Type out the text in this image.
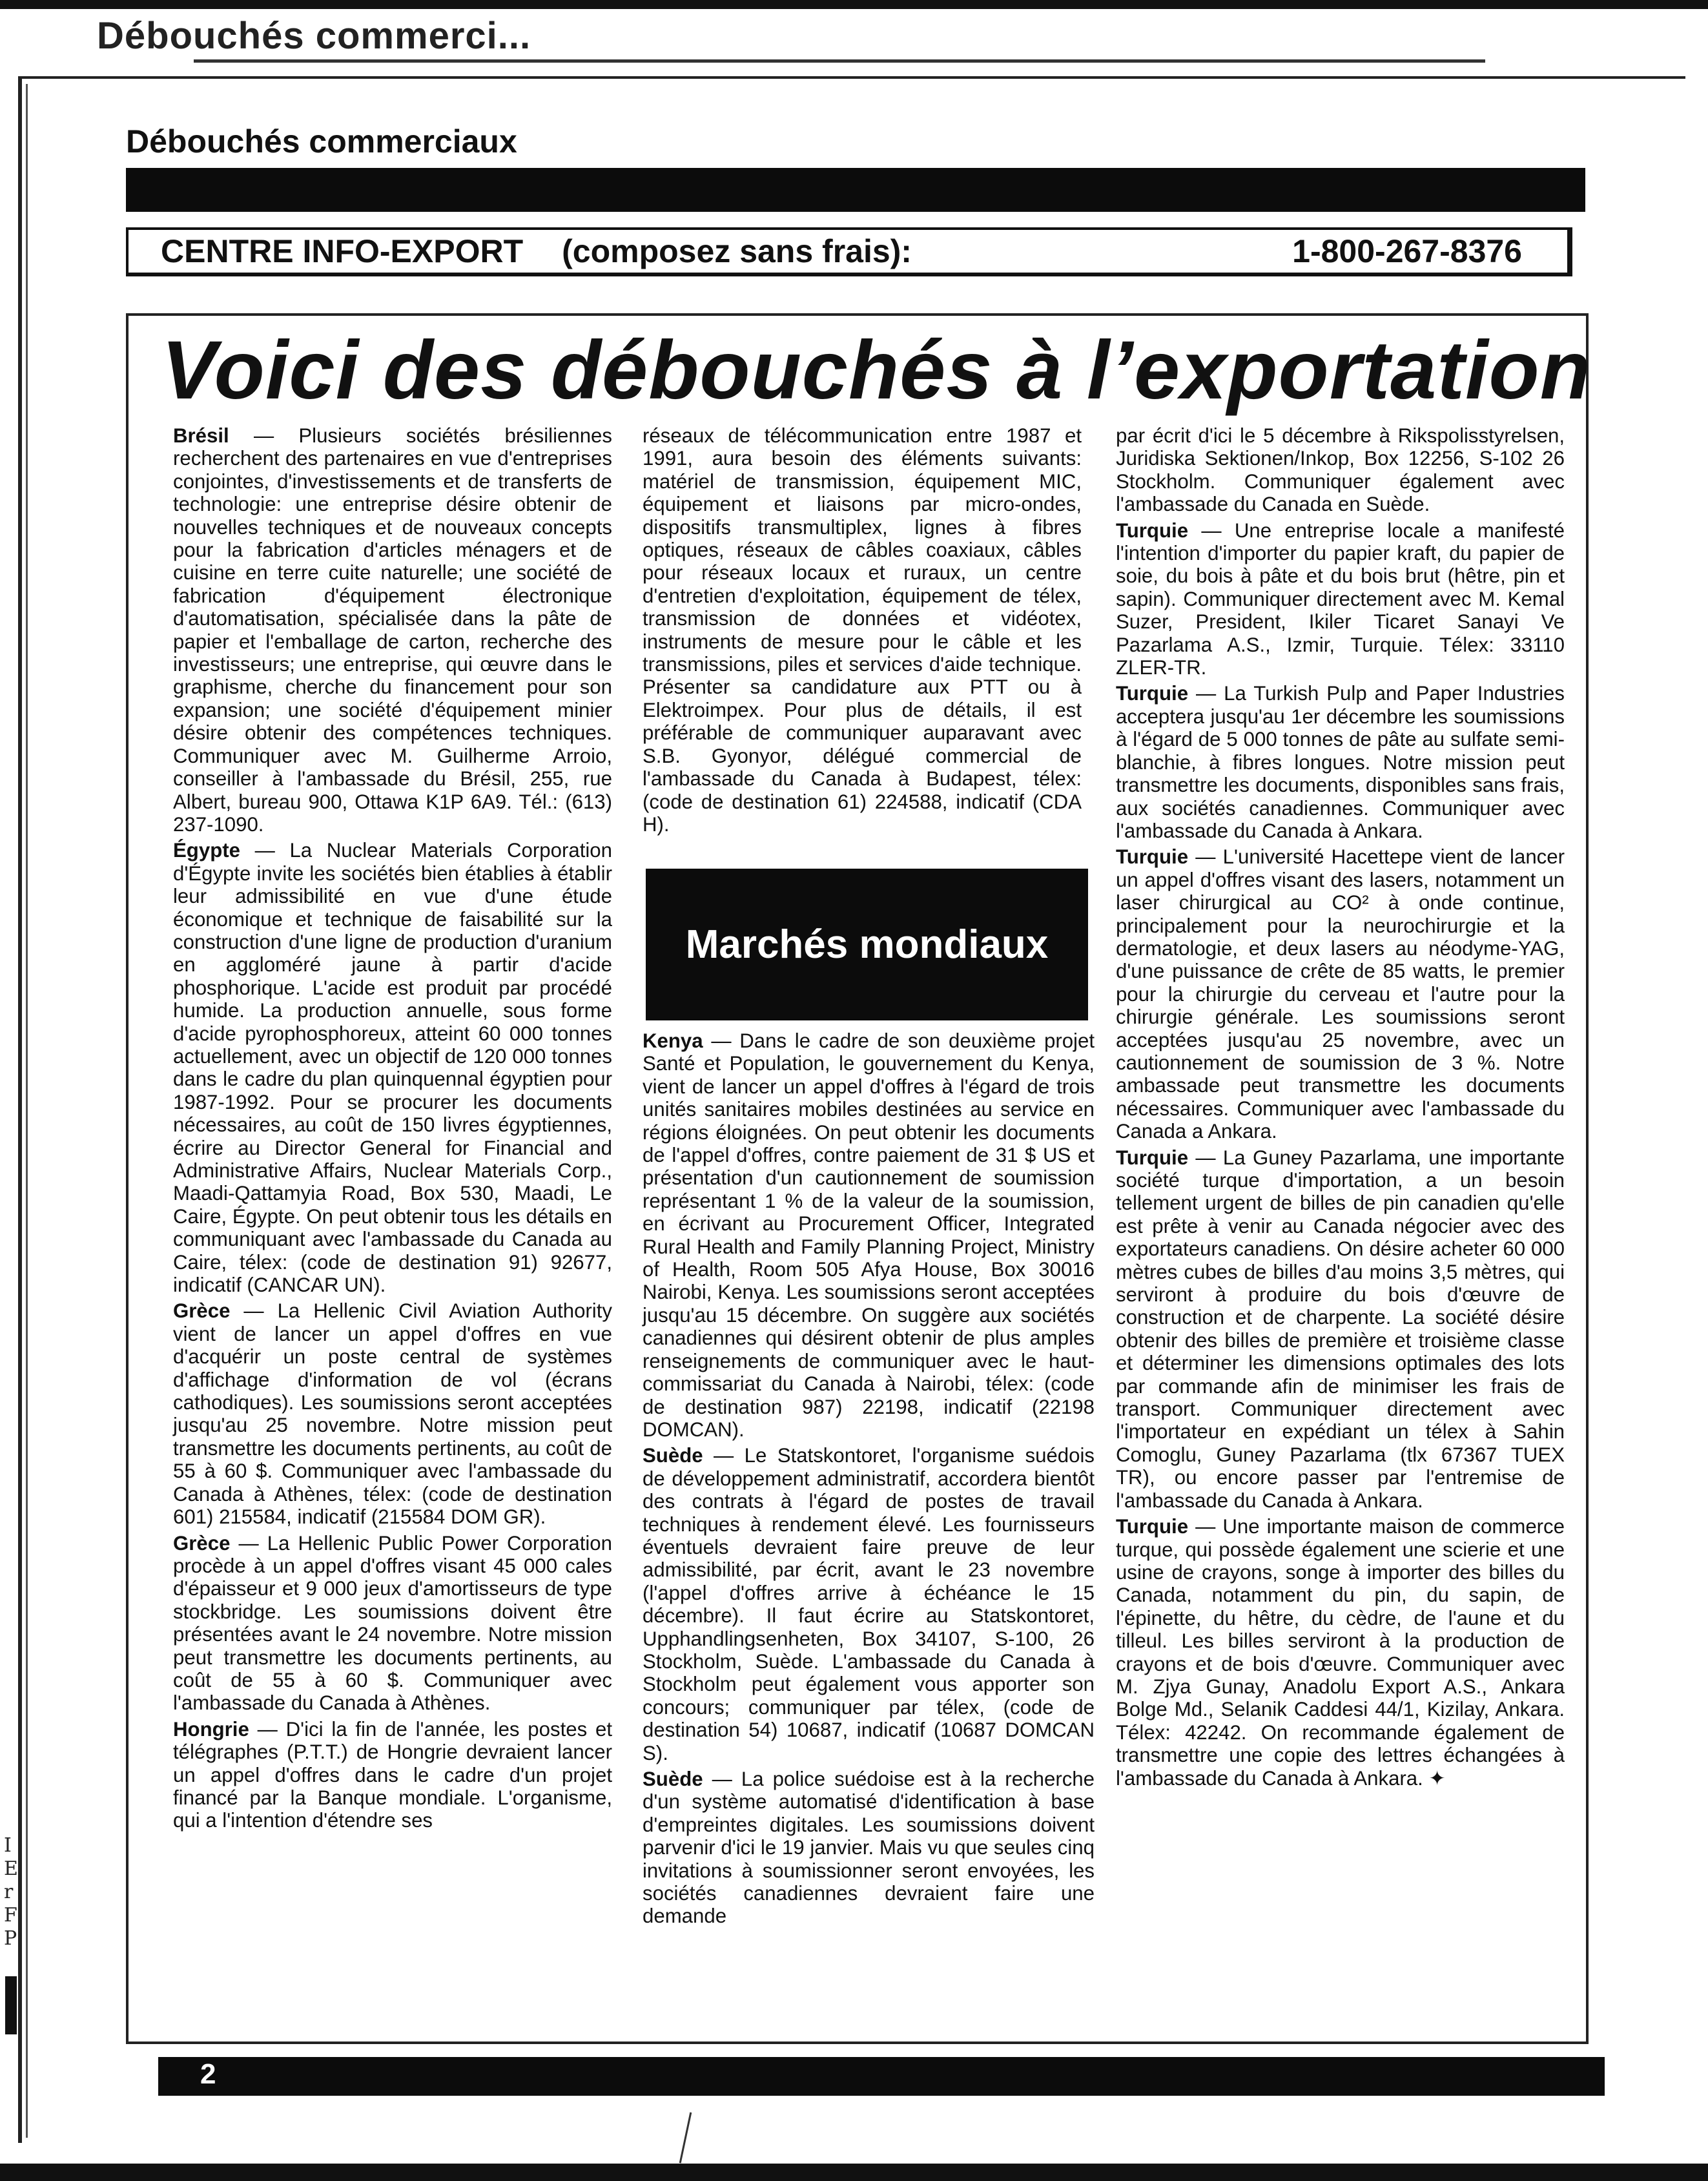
Débouchés commerci...
Débouchés commerciaux
CENTRE INFO-EXPORT (composez sans frais):	1-800-267-8376
Voici des débouchés à l’exportation

Brésil — Plusieurs sociétés brésiliennes recherchent des partenaires en vue d'entreprises conjointes, d'investissements et de transferts de technologie: une entreprise désire obtenir de nouvelles techniques et de nouveaux concepts pour la fabrication d'articles ménagers et de cuisine en terre cuite naturelle; une société de fabrication d'équipement électronique d'automatisation, spécialisée dans la pâte de papier et l'emballage de carton, recherche des investisseurs; une entreprise, qui œuvre dans le graphisme, cherche du financement pour son expansion; une société d'équipement minier désire obtenir des compétences techniques. Communiquer avec M. Guilherme Arroio, conseiller à l'ambassade du Brésil, 255, rue Albert, bureau 900, Ottawa K1P 6A9. Tél.: (613) 237-1090.

Égypte — La Nuclear Materials Corporation d'Égypte invite les sociétés bien établies à établir leur admissibilité en vue d'une étude économique et technique de faisabilité sur la construction d'une ligne de production d'uranium en aggloméré jaune à partir d'acide phosphorique. L'acide est produit par procédé humide. La production annuelle, sous forme d'acide pyrophosphoreux, atteint 60 000 tonnes actuellement, avec un objectif de 120 000 tonnes dans le cadre du plan quinquennal égyptien pour 1987-1992. Pour se procurer les documents nécessaires, au coût de 150 livres égyptiennes, écrire au Director General for Financial and Administrative Affairs, Nuclear Materials Corp., Maadi-Qattamyia Road, Box 530, Maadi, Le Caire, Égypte. On peut obtenir tous les détails en communiquant avec l'ambassade du Canada au Caire, télex: (code de destination 91) 92677, indicatif (CANCAR UN).

Grèce — La Hellenic Civil Aviation Authority vient de lancer un appel d'offres en vue d'acquérir un poste central de systèmes d'affichage d'information de vol (écrans cathodiques). Les soumissions seront acceptées jusqu'au 25 novembre. Notre mission peut transmettre les documents pertinents, au coût de 55 à 60 $. Communiquer avec l'ambassade du Canada à Athènes, télex: (code de destination 601) 215584, indicatif (215584 DOM GR).

Grèce — La Hellenic Public Power Corporation procède à un appel d'offres visant 45 000 cales d'épaisseur et 9 000 jeux d'amortisseurs de type stockbridge. Les soumissions doivent être présentées avant le 24 novembre. Notre mission peut transmettre les documents pertinents, au coût de 55 à 60 $. Communiquer avec l'ambassade du Canada à Athènes.

Hongrie — D'ici la fin de l'année, les postes et télégraphes (P.T.T.) de Hongrie devraient lancer un appel d'offres dans le cadre d'un projet financé par la Banque mondiale. L'organisme, qui a l'intention d'étendre ses

réseaux de télécommunication entre 1987 et 1991, aura besoin des éléments suivants: matériel de transmission, équipement MIC, équipement et liaisons par micro-ondes, dispositifs transmultiplex, lignes à fibres optiques, réseaux de câbles coaxiaux, câbles pour réseaux locaux et ruraux, un centre d'entretien d'exploitation, équipement de télex, transmission de données et vidéotex, instruments de mesure pour le câble et les transmissions, piles et services d'aide technique. Présenter sa candidature aux PTT ou à Elektroimpex. Pour plus de détails, il est préférable de communiquer auparavant avec S.B. Gyonyor, délégué commercial de l'ambassade du Canada à Budapest, télex: (code de destination 61) 224588, indicatif (CDA H).

Marchés mondiaux

Kenya — Dans le cadre de son deuxième projet Santé et Population, le gouvernement du Kenya, vient de lancer un appel d'offres à l'égard de trois unités sanitaires mobiles destinées au service en régions éloignées. On peut obtenir les documents de l'appel d'offres, contre paiement de 31 $ US et présentation d'un cautionnement de soumission représentant 1 % de la valeur de la soumission, en écrivant au Procurement Officer, Integrated Rural Health and Family Planning Project, Ministry of Health, Room 505 Afya House, Box 30016 Nairobi, Kenya. Les soumissions seront acceptées jusqu'au 15 décembre. On suggère aux sociétés canadiennes qui désirent obtenir de plus amples renseignements de communiquer avec le haut-commissariat du Canada à Nairobi, télex: (code de destination 987) 22198, indicatif (22198 DOMCAN).

Suède — Le Statskontoret, l'organisme suédois de développement administratif, accordera bientôt des contrats à l'égard de postes de travail techniques à rendement élevé. Les fournisseurs éventuels devraient faire preuve de leur admissibilité, par écrit, avant le 23 novembre (l'appel d'offres arrive à échéance le 15 décembre). Il faut écrire au Statskontoret, Upphandlingsenheten, Box 34107, S-100, 26 Stockholm, Suède. L'ambassade du Canada à Stockholm peut également vous apporter son concours; communiquer par télex, (code de destination 54) 10687, indicatif (10687 DOMCAN S).

Suède — La police suédoise est à la recherche d'un système automatisé d'identification à base d'empreintes digitales. Les soumissions doivent parvenir d'ici le 19 janvier. Mais vu que seules cinq invitations à soumissionner seront envoyées, les sociétés canadiennes devraient faire une demande

par écrit d'ici le 5 décembre à Rikspolisstyrelsen, Juridiska Sektionen/Inkop, Box 12256, S-102 26 Stockholm. Communiquer également avec l'ambassade du Canada en Suède.

Turquie — Une entreprise locale a manifesté l'intention d'importer du papier kraft, du papier de soie, du bois à pâte et du bois brut (hêtre, pin et sapin). Communiquer directement avec M. Kemal Suzer, President, Ikiler Ticaret Sanayi Ve Pazarlama A.S., Izmir, Turquie. Télex: 33110 ZLER-TR.

Turquie — La Turkish Pulp and Paper Industries acceptera jusqu'au 1er décembre les soumissions à l'égard de 5 000 tonnes de pâte au sulfate semi-blanchie, à fibres longues. Notre mission peut transmettre les documents, disponibles sans frais, aux sociétés canadiennes. Communiquer avec l'ambassade du Canada à Ankara.

Turquie — L'université Hacettepe vient de lancer un appel d'offres visant des lasers, notamment un laser chirurgical au CO² à onde continue, principalement pour la neurochirurgie et la dermatologie, et deux lasers au néodyme-YAG, d'une puissance de crête de 85 watts, le premier pour la chirurgie du cerveau et l'autre pour la chirurgie générale. Les soumissions seront acceptées jusqu'au 25 novembre, avec un cautionnement de soumission de 3 %. Notre ambassade peut transmettre les documents nécessaires. Communiquer avec l'ambassade du Canada a Ankara.

Turquie — La Guney Pazarlama, une importante société turque d'importation, a un besoin tellement urgent de billes de pin canadien qu'elle est prête à venir au Canada négocier avec des exportateurs canadiens. On désire acheter 60 000 mètres cubes de billes d'au moins 3,5 mètres, qui serviront à produire du bois d'œuvre de construction et de charpente. La société désire obtenir des billes de première et troisième classe et déterminer les dimensions optimales des lots par commande afin de minimiser les frais de transport. Communiquer directement avec l'importateur en expédiant un télex à Sahin Comoglu, Guney Pazarlama (tlx 67367 TUEX TR), ou encore passer par l'entremise de l'ambassade du Canada à Ankara.

Turquie — Une importante maison de commerce turque, qui possède également une scierie et une usine de crayons, songe à importer des billes du Canada, notamment du pin, du sapin, de l'épinette, du hêtre, du cèdre, de l'aune et du tilleul. Les billes serviront à la production de crayons et de bois d'œuvre. Communiquer avec M. Zjya Gunay, Anadolu Export A.S., Ankara Bolge Md., Selanik Caddesi 44/1, Kizilay, Ankara. Télex: 42242. On recommande également de transmettre une copie des lettres échangées à l'ambassade du Canada à Ankara. ✦

2
I E r F P
